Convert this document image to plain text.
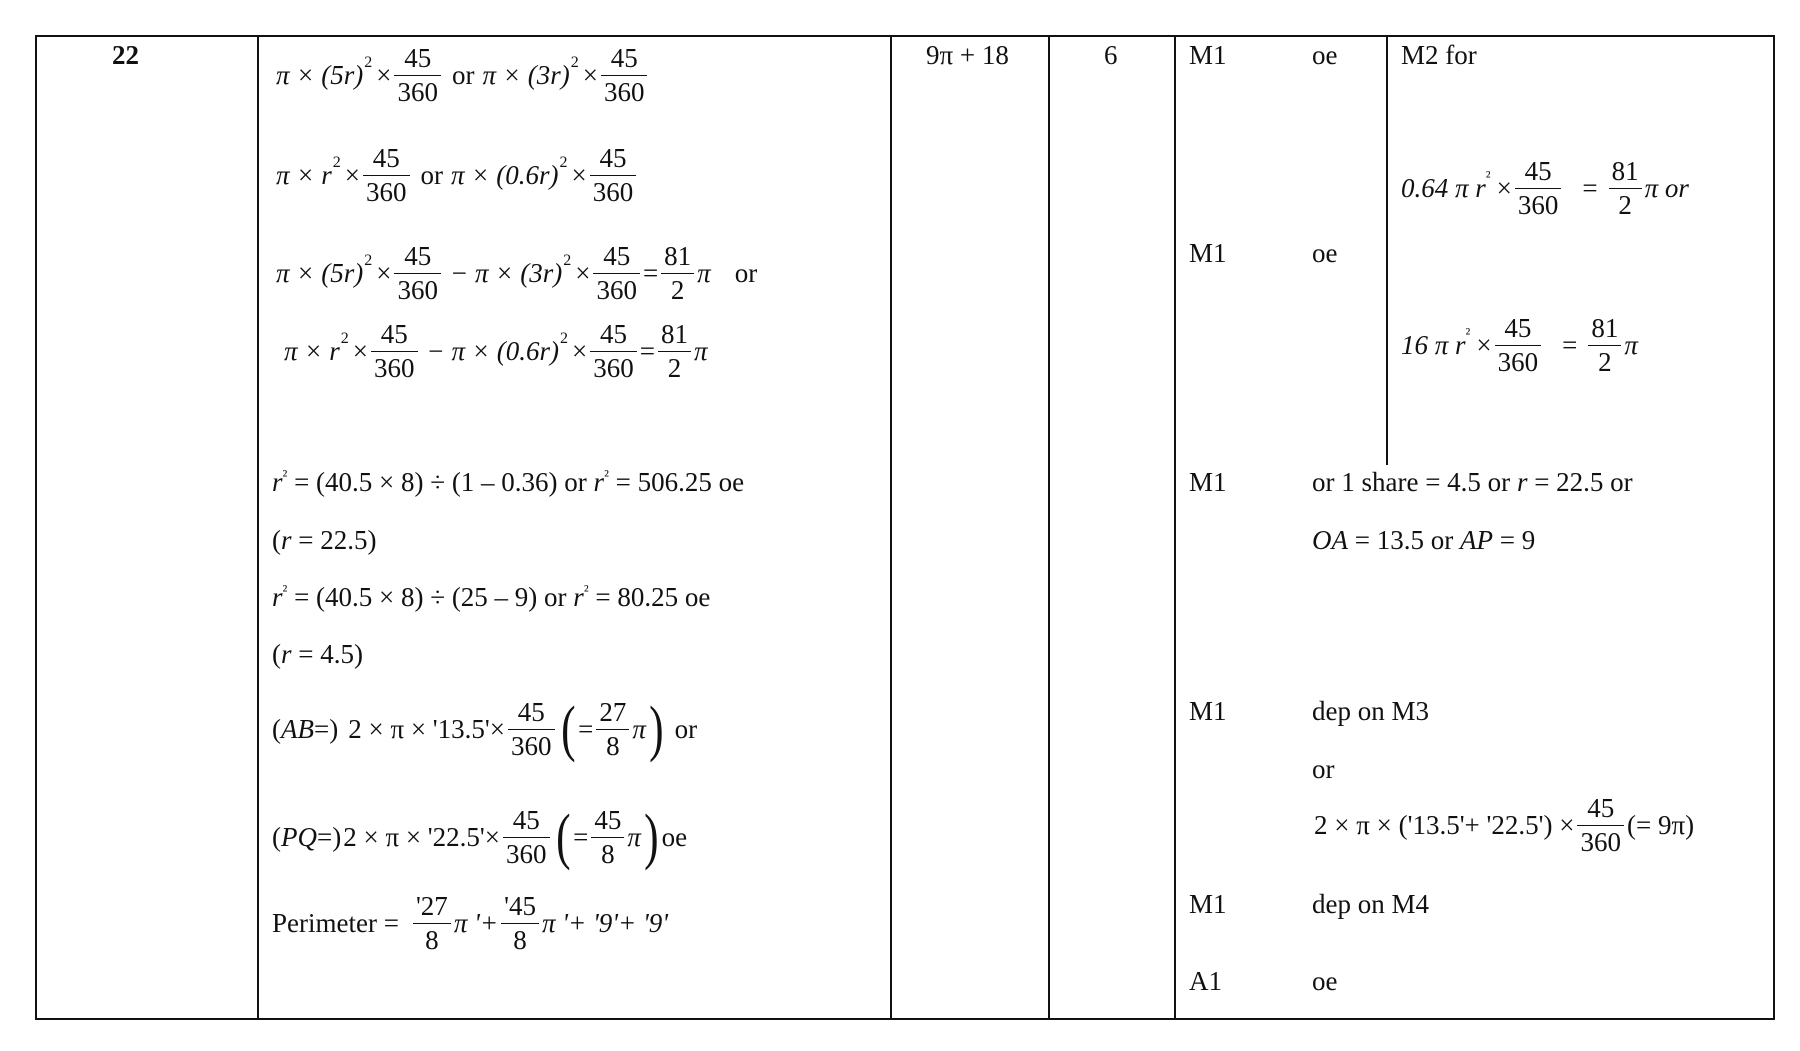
22
π × (5r) $2 \times \frac{45}{360}$ or π × (3r) $2 \times \frac{45}{360}$
π × r $2 \times \frac{45}{360}$ or π × (0.6r) $2 \times \frac{45}{360}$
π × (5r) $2 \times \frac{45}{360} - \pi \times (3r) 2 \times \frac{45}{360} = \frac{81}{2}$ π or
π × r $2 \times \frac{45}{360} - \pi \times (0.6r) 2 \times \frac{45}{360} = \frac{81}{2}$ π
$r^{^2} = (40.5 \times 8) \div (1 - 0.36)$ or $r^{^2} = 506.25$ oe
(r = 22.5)
$r^{^2} = (40.5 \times 8) \div (25 - 9)$ or $r^{^2} = 80.25$ oe
(r = 4.5)
( AB =) 2 × π × '$13.5'\times \frac{45}{360}$ ( = $\frac{27}{8}$ π ) or
( PQ =) 2 × π × '$22.5'\times \frac{45}{360}$ ( = $\frac{45}{8}$ π ) oe
Perimeter = $\frac{'27}{8}$ π '+ $\frac{'45}{8}$ π '+ '9'+ '9'
9π + 18	6	M1
M1
M1
M1
M1
A1
oe
oe
or 1 share = 4.5 or r = 22.5 or
OA = 13.5 or AP = 9
dep on M3
or
2 × π × ('13.5'+ '$22.5') \times \frac{45}{360}$ (= 9π)
dep on M4
oe
M2 for
0.64 π r $^2 \times \frac{45}{360} = \frac{81}{2}$ π or
16 π r $^2 \times \frac{45}{360} = \frac{81}{2}$ π
